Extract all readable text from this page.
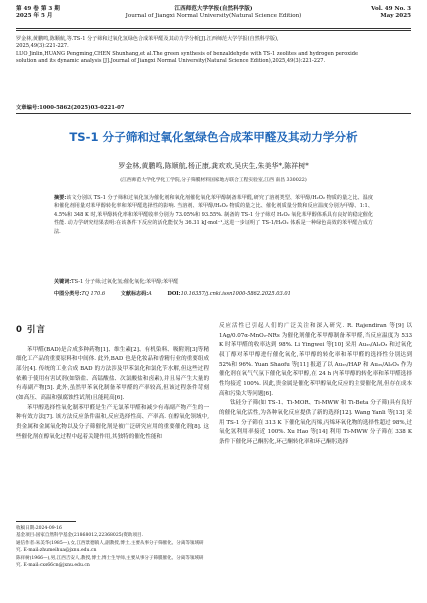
第 49 卷 第 3 期
2025 年 5 月
江西师范大学学报(自然科学版)
Journal of Jiangxi Normal University(Natural Science Edition)
Vol. 49 No. 3
May 2025
罗金林,黄鹏鸣,陈顺航,等.TS-1 分子筛和过氧化氢绿色合成苯甲醛及其动力学分析[J].江西师范大学学报(自然科学版),
2025,49(3):221-227.
LUO Jinlin,HUANG Pengming,CHEN Shunhang,et al.The green synthesis of benzaldehyde with TS-1 zeolites and hydrogen peroxide
solution and its dynamic analysis [J].Journal of Jiangxi Normal University(Natural Science Edition),2025,49(3):221-227.
文章编号:1000-5862(2025)03-0221-07
TS-1 分子筛和过氧化氢绿色合成苯甲醛及其动力学分析
罗金林,黄鹏鸣,陈顺航,杨正康,龚欢欢,吴庆生,朱美华*,陈祥树*
(江西师范大学化学化工学院,分子筛膜材料国家地方联合工程实验室,江西 南昌 330022)
摘要:该文分别以 TS-1 分子筛和过氧化氢为催化剂和氧化剂催化氧化苯甲醇制备苯甲醛,研究了溶剂类型、苯甲醇/H₂O₂ 物质的量之比、温度和催化剂用量对苯甲醇转化率和苯甲醛选择性的影响. 当溶剂、苯甲醇/H₂O₂ 物质的量之比、催化剂质量分数和反应温度分别为甲醇、1:1、4.5%和 348 K 时,苯甲醇转化率和苯甲醛收率分别为 73.05%和 93.55%. 制备的 TS-1 分子筛对 H₂O₂ 氧化苯甲醇体系具有良好的稳定催化性能. 动力学研究结果表明:在该条件下反应的活化能仅为 36.31 kJ·mol⁻¹,这进一步证明了 TS-1/H₂O₂ 体系是一种绿色高效的苯甲醛合成方法.
关键词:TS-1 分子筛;过氧化氢;催化氧化;苯甲醇;苯甲醛
中图分类号:TQ 170.6	文献标志码:A	DOI:10.16357/j.cnki.issn1000-5862.2025.03.01
0 引言

苯甲醛(BAD)是合成多种药物[1]、维生素[2]、有机染料、吸附剂[3]等精细化工产品的重要原料和中间体. 此外,BAD 也是化妆品和香精行业的重要组成部分[4]. 传统的工业合成 BAD 的方法涉及甲苯氯化和氯化苄水解,但这些过程依赖于使用有害试剂(如铬盐、高锰酸盐、次氯酸盐和卤素),并且易产生大量的有毒副产物[5]. 此外,虽然甲苯氧化制备苯甲醛的产率较高,但该过程条件苛刻(如高压、高温和强腐蚀性试剂)且能耗高[6].

苯甲醇选择性氧化制苯甲醛是生产无氯苯甲醛和减少有毒副产物产生的一种有效方法[7]. 该方法反应条件温和,反应选择性高、产率高. 在醇氧化领域中,贵金属和金属氧化物以及分子筛催化剂是被广泛研究应用的重要催化剂[8]. 这些催化剂在醇氧化过程中起着关键作用,其独特的催化性能和

反应活性已引起人们的广泛关注和深入研究. R. Rajendiran 等[9] 以 1Ag/0.07α-MnO₂-NRs 为催化剂催化苯甲醇制备苯甲醛,当反应温度为 533 K 时苯甲醛的收率达到 98%. Li Yingwei 等[10] 采用 Au₂₅/Al₂O₃ 和过氧化叔丁醇对苯甲醇进行催化氧化,苯甲醇的转化率和苯甲醛的选择性分别达到 52%和 96%. Yuan Shaofu 等[11] 报道了以 Au₂₅/HAP 和 Au₂₅/Al₂O₃ 作为催化剂在氧气气氛下催化氧化苯甲醇,在 24 h 内苯甲醇的转化率和苯甲醛选择性均接近 100%. 因此,贵金属是催化苯甲醇氧化反应的主要催化剂,但存在成本高和污染大等问题[6].

钛硅分子筛(如 TS-1、Ti-MOR、Ti-MWW 和 Ti-Beta 分子筛)具有良好的催化氧化活性,为各种氧化反应提供了新的选择[12]. Wang Yanli 等[13] 采用 TS-1 分子筛在 313 K 下催化氧化丙烯,丙烯环氧化物的选择性超过 98%,过氧化氢利用率接近 100%. Xu Hao 等[14] 利用 Ti-MWW 分子筛在 338 K 条件下催化环己酮肟化,环己酮转化率和环己酮肟选择

收稿日期:2024-09-16
基金项目:国家自然科学基金(21868012,22368025)资助项目.
通信作者:朱美华(1985—),女,江西景德镇人,副教授,博士,主要从事分子筛催化、分离等领域研究. E-mail:zhumeihua@jxnu.edu.cn
陈祥树(1966—),男,江西吉安人,教授,博士,博士生导师,主要从事分子筛膜催化、分离等领域研究. E-mail:cxs66cn@jxnu.edu.cn
